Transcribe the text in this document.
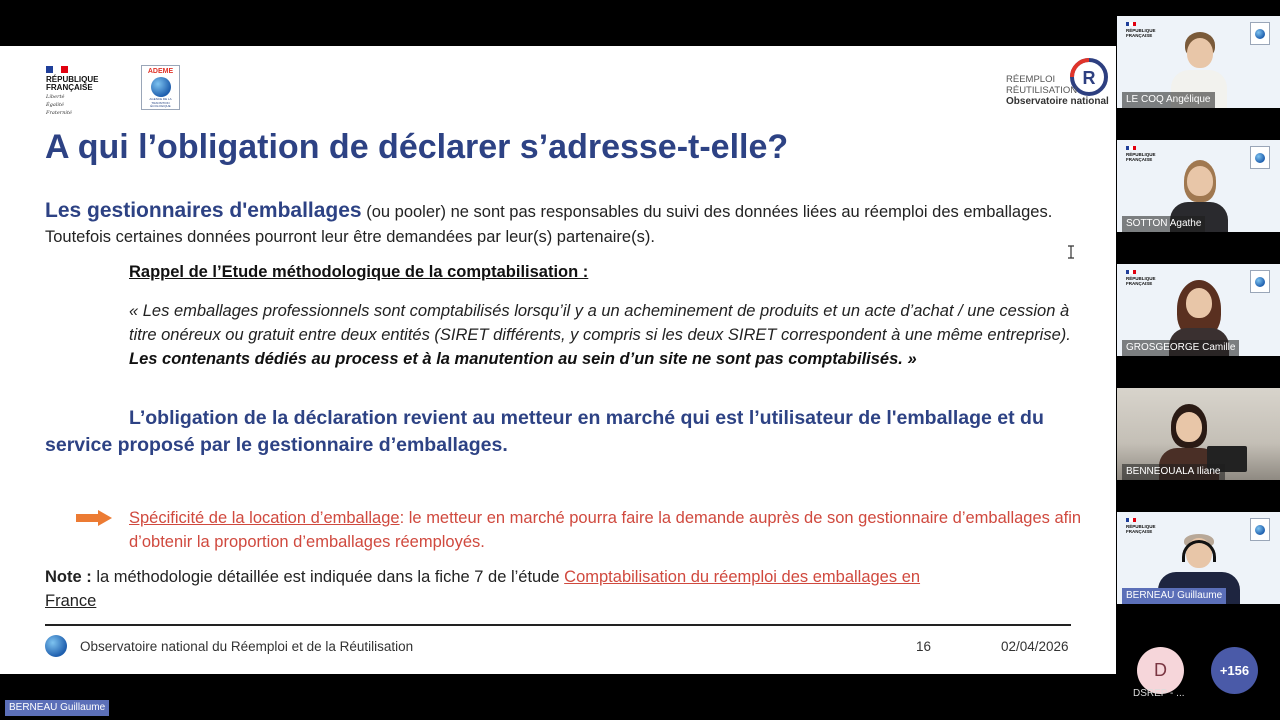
RÉPUBLIQUE
FRANÇAISE
Liberté
Égalité
Fraternité
ADEME
AGENCE DE LA TRANSITION ÉCOLOGIQUE
R
RÉEMPLOI
RÉUTILISATION
Observatoire national
A qui l’obligation de déclarer s’adresse-t-elle?
Les gestionnaires d'emballages (ou pooler) ne sont pas responsables du suivi des données liées au réemploi des emballages. Toutefois certaines données pourront leur être demandées par leur(s) partenaire(s).
Rappel de l’Etude méthodologique de la comptabilisation :
« Les emballages professionnels sont comptabilisés lorsqu’il y a un acheminement de produits et un acte d’achat / une cession à titre onéreux ou gratuit entre deux entités (SIRET différents, y compris si les deux SIRET correspondent à une même entreprise). Les contenants dédiés au process et à la manutention au sein d’un site ne sont pas comptabilisés. »
L’obligation de la déclaration revient au metteur en marché qui est l’utilisateur de l'emballage et du service proposé par le gestionnaire d’emballages.
Spécificité de la location d’emballage: le metteur en marché pourra faire la demande auprès de son gestionnaire d’emballages afin d’obtenir la proportion d’emballages réemployés.
Note : la méthodologie détaillée est indiquée dans la fiche 7 de l’étude Comptabilisation du réemploi des emballages en
France
Observatoire national du Réemploi et de la Réutilisation	16	02/04/2026
RÉPUBLIQUE
FRANÇAISE
LE COQ Angélique
RÉPUBLIQUE
FRANÇAISE
SOTTON Agathe
RÉPUBLIQUE
FRANÇAISE
GROSGEORGE Camille
BENNEOUALA Iliane
RÉPUBLIQUE
FRANÇAISE
BERNEAU Guillaume
D
DSREP - ...
+156
BERNEAU Guillaume
